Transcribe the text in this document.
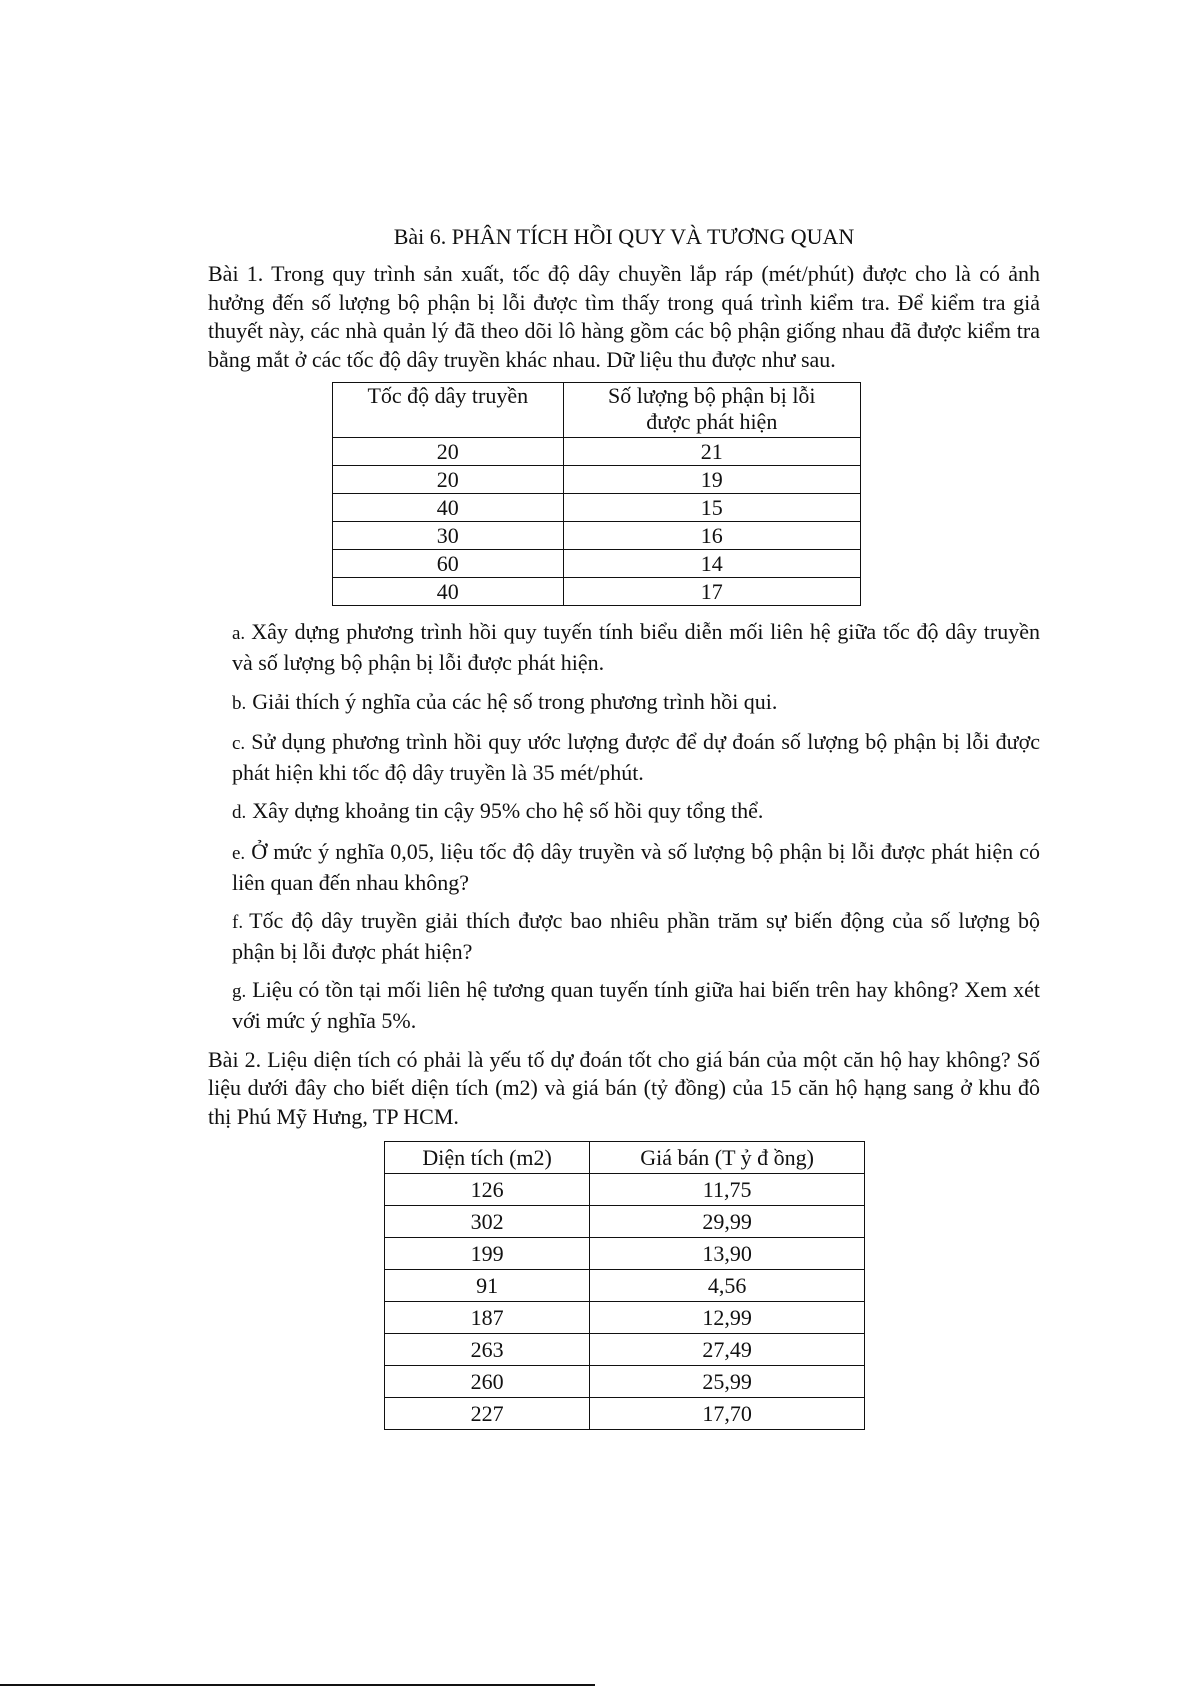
Bài 6. PHÂN TÍCH HỒI QUY VÀ TƯƠNG QUAN

Bài 1. Trong quy trình sản xuất, tốc độ dây chuyền lắp ráp (mét/phút) được cho là có ảnh hưởng đến số lượng bộ phận bị lỗi được tìm thấy trong quá trình kiểm tra. Để kiểm tra giả thuyết này, các nhà quản lý đã theo dõi lô hàng gồm các bộ phận giống nhau đã được kiểm tra bằng mắt ở các tốc độ dây truyền khác nhau. Dữ liệu thu được như sau.

Tốc độ dây truyền	Số lượng bộ phận bị lỗi
được phát hiện
20	21
20	19
40	15
30	16
60	14
40	17

a. Xây dựng phương trình hồi quy tuyến tính biểu diễn mối liên hệ giữa tốc độ dây truyền và số lượng bộ phận bị lỗi được phát hiện.

b. Giải thích ý nghĩa của các hệ số trong phương trình hồi qui.

c. Sử dụng phương trình hồi quy ước lượng được để dự đoán số lượng bộ phận bị lỗi được phát hiện khi tốc độ dây truyền là 35 mét/phút.

d. Xây dựng khoảng tin cậy 95% cho hệ số hồi quy tổng thể.

e. Ở mức ý nghĩa 0,05, liệu tốc độ dây truyền và số lượng bộ phận bị lỗi được phát hiện có liên quan đến nhau không?

f. Tốc độ dây truyền giải thích được bao nhiêu phần trăm sự biến động của số lượng bộ phận bị lỗi được phát hiện?

g. Liệu có tồn tại mối liên hệ tương quan tuyến tính giữa hai biến trên hay không? Xem xét với mức ý nghĩa 5%.

Bài 2. Liệu diện tích có phải là yếu tố dự đoán tốt cho giá bán của một căn hộ hay không? Số liệu dưới đây cho biết diện tích (m2) và giá bán (tỷ đồng) của 15 căn hộ hạng sang ở khu đô thị Phú Mỹ Hưng, TP HCM.

Diện tích (m2)	Giá bán (T ỷ đ ồng)
126	11,75
302	29,99
199	13,90
91	4,56
187	12,99
263	27,49
260	25,99
227	17,70
